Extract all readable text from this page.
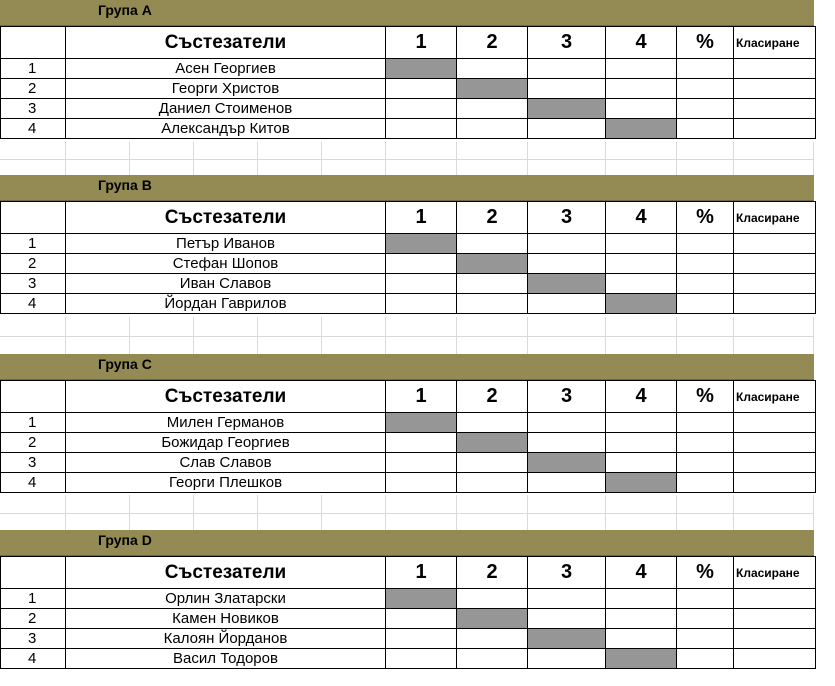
Група A
	Състезатели	1	2	3	4	%	Класиране
1	Асен Георгиев						
2	Георги Христов						
3	Даниел Стоименов						
4	Александър Китов						
Група B
	Състезатели	1	2	3	4	%	Класиране
1	Петър Иванов						
2	Стефан Шопов						
3	Иван Славов						
4	Йордан Гаврилов						
Група C
	Състезатели	1	2	3	4	%	Класиране
1	Милен Германов						
2	Божидар Георгиев						
3	Слав Славов						
4	Георги Плешков						
Група D
	Състезатели	1	2	3	4	%	Класиране
1	Орлин Златарски						
2	Камен Новиков						
3	Калоян Йорданов						
4	Васил Тодоров						
